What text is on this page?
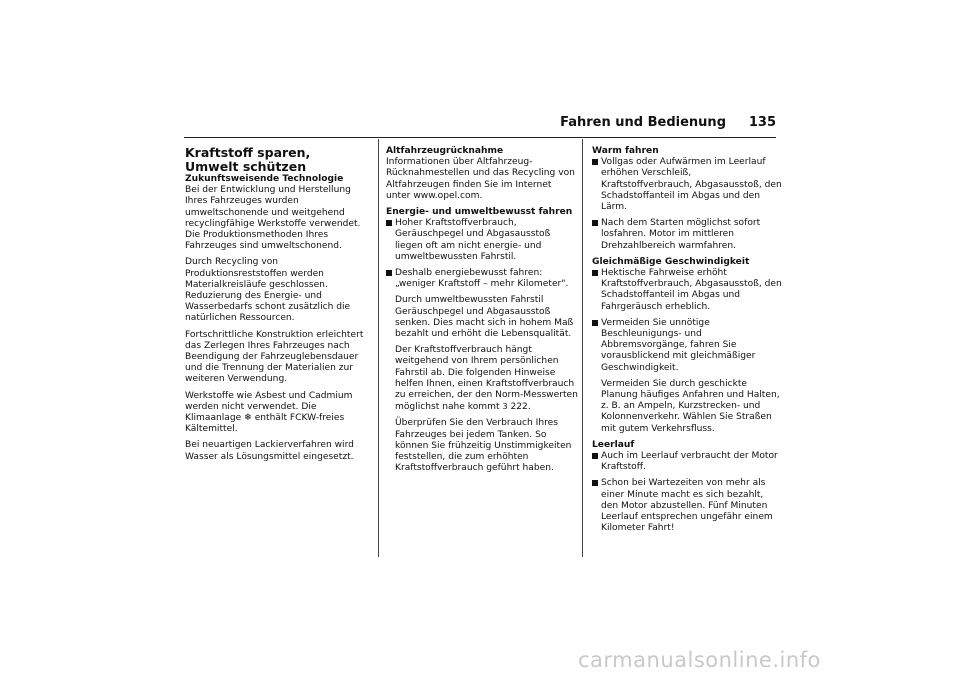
Fahren und Bedienung 135
Kraftstoff sparen,
Umwelt schützen
Zukunftsweisende Technologie

Bei der Entwicklung und Herstellung Ihres Fahrzeuges wurden umweltschonende und weitgehend recyclingfähige Werkstoffe verwendet. Die Produktionsmethoden Ihres Fahrzeuges sind umweltschonend.

Durch Recycling von Produktionsreststoffen werden Materialkreisläufe geschlossen. Reduzierung des Energie- und Wasserbedarfs schont zusätzlich die natürlichen Ressourcen.

Fortschrittliche Konstruktion erleichtert das Zerlegen Ihres Fahrzeuges nach Beendigung der Fahrzeuglebensdauer und die Trennung der Materialien zur weiteren Verwendung.

Werkstoffe wie Asbest und Cadmium werden nicht verwendet. Die Klimaanlage ❄ enthält FCKW-freies Kältemittel.

Bei neuartigen Lackierverfahren wird Wasser als Lösungsmittel eingesetzt.

Altfahrzeugrücknahme

Informationen über Altfahrzeug-Rücknahmestellen und das Recycling von Altfahrzeugen finden Sie im Internet unter www.opel.com.

Energie- und umweltbewusst fahren
Hoher Kraftstoffverbrauch, Geräuschpegel und Abgasausstoß liegen oft am nicht energie- und umweltbewussten Fahrstil.
Deshalb energiebewusst fahren: „weniger Kraftstoff – mehr Kilometer".

Durch umweltbewussten Fahrstil Geräuschpegel und Abgasausstoß senken. Dies macht sich in hohem Maß bezahlt und erhöht die Lebensqualität.

Der Kraftstoffverbrauch hängt weitgehend von Ihrem persönlichen Fahrstil ab. Die folgenden Hinweise helfen Ihnen, einen Kraftstoffverbrauch zu erreichen, der den Norm-Messwerten möglichst nahe kommt 3 222.

Überprüfen Sie den Verbrauch Ihres Fahrzeuges bei jedem Tanken. So können Sie frühzeitig Unstimmigkeiten feststellen, die zum erhöhten Kraftstoffverbrauch geführt haben.

Warm fahren
Vollgas oder Aufwärmen im Leerlauf erhöhen Verschleiß, Kraftstoffverbrauch, Abgasausstoß, den Schadstoffanteil im Abgas und den Lärm.
Nach dem Starten möglichst sofort losfahren. Motor im mittleren Drehzahlbereich warmfahren.
Gleichmäßige Geschwindigkeit
Hektische Fahrweise erhöht Kraftstoffverbrauch, Abgasausstoß, den Schadstoffanteil im Abgas und Fahrgeräusch erheblich.
Vermeiden Sie unnötige Beschleunigungs- und Abbremsvorgänge, fahren Sie vorausblickend mit gleichmäßiger Geschwindigkeit.

Vermeiden Sie durch geschickte Planung häufiges Anfahren und Halten, z. B. an Ampeln, Kurzstrecken- und Kolonnenverkehr. Wählen Sie Straßen mit gutem Verkehrsfluss.

Leerlauf
Auch im Leerlauf verbraucht der Motor Kraftstoff.
Schon bei Wartezeiten von mehr als einer Minute macht es sich bezahlt, den Motor abzustellen. Fünf Minuten Leerlauf entsprechen ungefähr einem Kilometer Fahrt!
carmanualsonline.info
